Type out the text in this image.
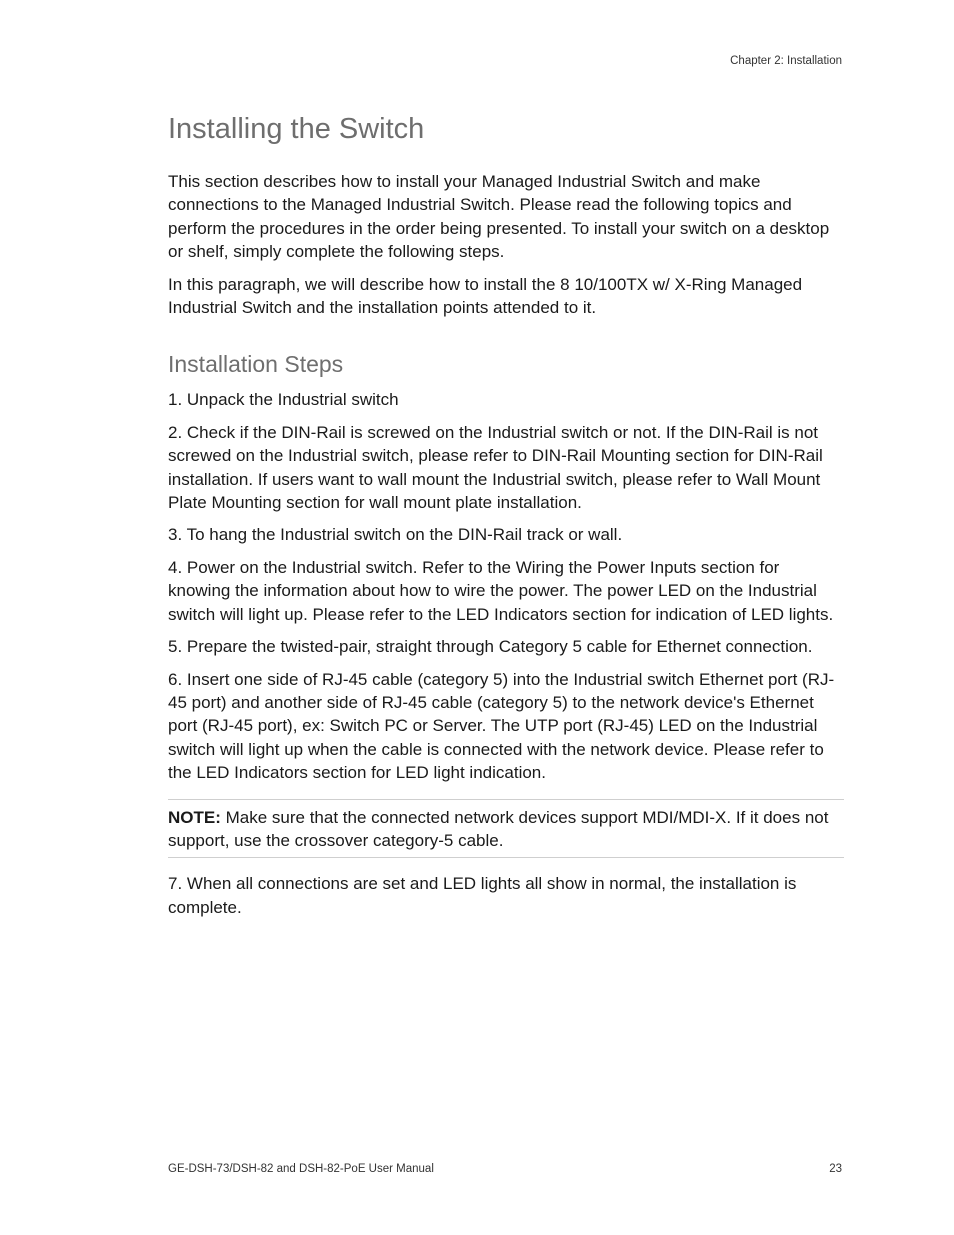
Chapter 2: Installation
Installing the Switch

This section describes how to install your Managed Industrial Switch and make connections to the Managed Industrial Switch. Please read the following topics and perform the procedures in the order being presented. To install your switch on a desktop or shelf, simply complete the following steps.

In this paragraph, we will describe how to install the 8 10/100TX w/ X-Ring Managed Industrial Switch and the installation points attended to it.

Installation Steps

1. Unpack the Industrial switch

2. Check if the DIN-Rail is screwed on the Industrial switch or not. If the DIN-Rail is not screwed on the Industrial switch, please refer to DIN-Rail Mounting section for DIN-Rail installation. If users want to wall mount the Industrial switch, please refer to Wall Mount Plate Mounting section for wall mount plate installation.

3. To hang the Industrial switch on the DIN-Rail track or wall.

4. Power on the Industrial switch. Refer to the Wiring the Power Inputs section for knowing the information about how to wire the power. The power LED on the Industrial switch will light up. Please refer to the LED Indicators section for indication of LED lights.

5. Prepare the twisted-pair, straight through Category 5 cable for Ethernet connection.

6. Insert one side of RJ-45 cable (category 5) into the Industrial switch Ethernet port (RJ-45 port) and another side of RJ-45 cable (category 5) to the network device's Ethernet port (RJ-45 port), ex: Switch PC or Server. The UTP port (RJ-45) LED on the Industrial switch will light up when the cable is connected with the network device. Please refer to the LED Indicators section for LED light indication.

NOTE: Make sure that the connected network devices support MDI/MDI-X. If it does not support, use the crossover category-5 cable.

7. When all connections are set and LED lights all show in normal, the installation is complete.

GE-DSH-73/DSH-82 and DSH-82-PoE User Manual	23
